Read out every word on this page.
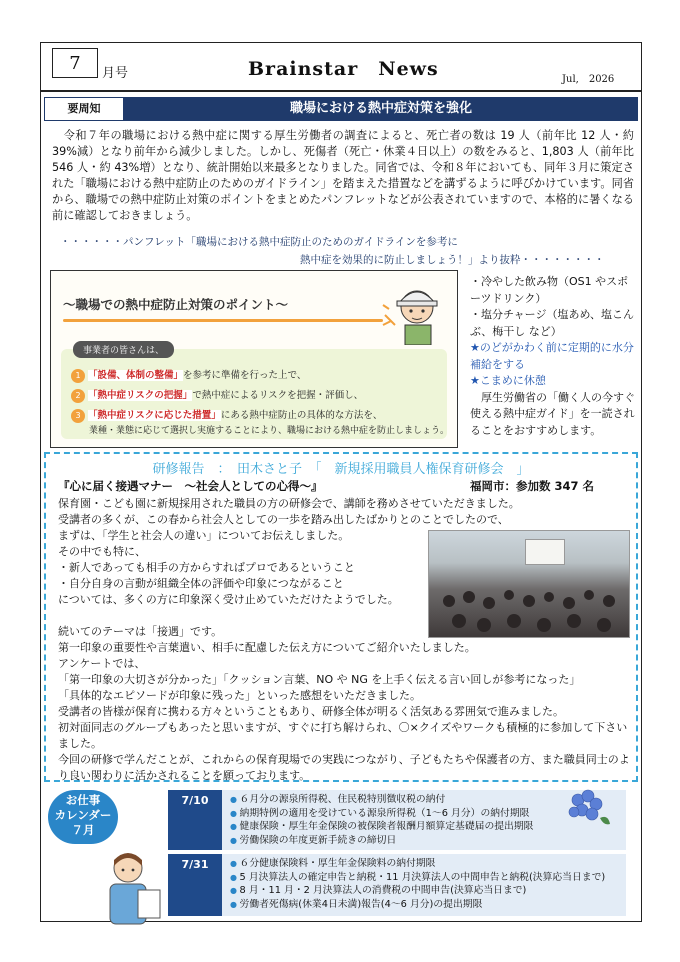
7	月号	Brainstar　News	Jul,　2026
要周知	職場における熱中症対策を強化
　令和７年の職場における熱中症に関する厚生労働者の調査によると、死亡者の数は 19 人（前年比 12 人・約 39%減）となり前年から減少しました。しかし、死傷者（死亡・休業４日以上）の数をみると、1,803 人（前年比 546 人・約 43%増）となり、統計開始以来最多となりました。同省では、令和８年においても、同年３月に策定された「職場における熱中症防止のためのガイドライン」を踏まえた措置などを講ずるように呼びかけています。同省から、職場での熱中症防止対策のポイントをまとめたパンフレットなどが公表されていますので、本格的に暑くなる前に確認しておきましょう。
・・・・・・パンフレット「職場における熱中症防止のためのガイドラインを参考に
熱中症を効果的に防止しましょう！」より抜粋・・・・・・・・
～職場での熱中症防止対策のポイント～
事業者の皆さんは、
1 「設備、体制の整備」を参考に準備を行った上で、
2 「熱中症リスクの把握」で熱中症によるリスクを把握・評価し、
3 「熱中症リスクに応じた措置」にある熱中症防止の具体的な方法を、
業種・業態に応じて選択し実施することにより、職場における熱中症を防止しましょう。
・冷やした飲み物（OS1 やスポーツドリンク）
・塩分チャージ（塩あめ、塩こんぶ、梅干し など）
★のどがかわく前に定期的に水分補給をする
★こまめに休憩
　厚生労働省の「働く人の今すぐ使える熱中症ガイド」を一読されることをおすすめします。
研修報告　：　田木さと子　「　新規採用職員人権保育研修会　」
『心に届く接遇マナー　～社会人としての心得～』	福岡市：参加数 347 名
保育園・こども園に新規採用された職員の方の研修会で、講師を務めさせていただきました。
受講者の多くが、この春から社会人としての一歩を踏み出したばかりとのことでしたので、
まずは、「学生と社会人の違い」についてお伝えしました。
その中でも特に、
・新人であっても相手の方からすればプロであるということ
・自分自身の言動が組織全体の評価や印象につながること
については、多くの方に印象深く受け止めていただけたようでした。
続いてのテーマは「接遇」です。
第一印象の重要性や言葉遣い、相手に配慮した伝え方についてご紹介いたしました。
アンケートでは、
「第一印象の大切さが分かった」「クッション言葉、NO や NG を上手く伝える言い回しが参考になった」
「具体的なエピソードが印象に残った」といった感想をいただきました。
受講者の皆様が保育に携わる方々ということもあり、研修全体が明るく活気ある雰囲気で進みました。
初対面同志のグループもあったと思いますが、すぐに打ち解けられ、〇×クイズやワークも積極的に参加して下さいました。
今回の研修で学んだことが、これからの保育現場での実践につながり、子どもたちや保護者の方、また職員同士のより良い関わりに活かされることを願っております。
お仕事
カレンダー
７月
7/10	● ６月分の源泉所得税、住民税特別徴収税の納付
● 納期特例の適用を受けている源泉所得税（1～6 月分）の納付期限
● 健康保険・厚生年金保険の被保険者報酬月額算定基礎届の提出期限
● 労働保険の年度更新手続きの締切日
7/31	● ６分健康保険料・厚生年金保険料の納付期限
● 5 月決算法人の確定申告と納税・11 月決算法人の中間申告と納税(決算応当日まで)
● 8 月・11 月・2 月決算法人の消費税の中間申告(決算応当日まで)
● 労働者死傷病(休業4日未満)報告(4～6 月分)の提出期限
